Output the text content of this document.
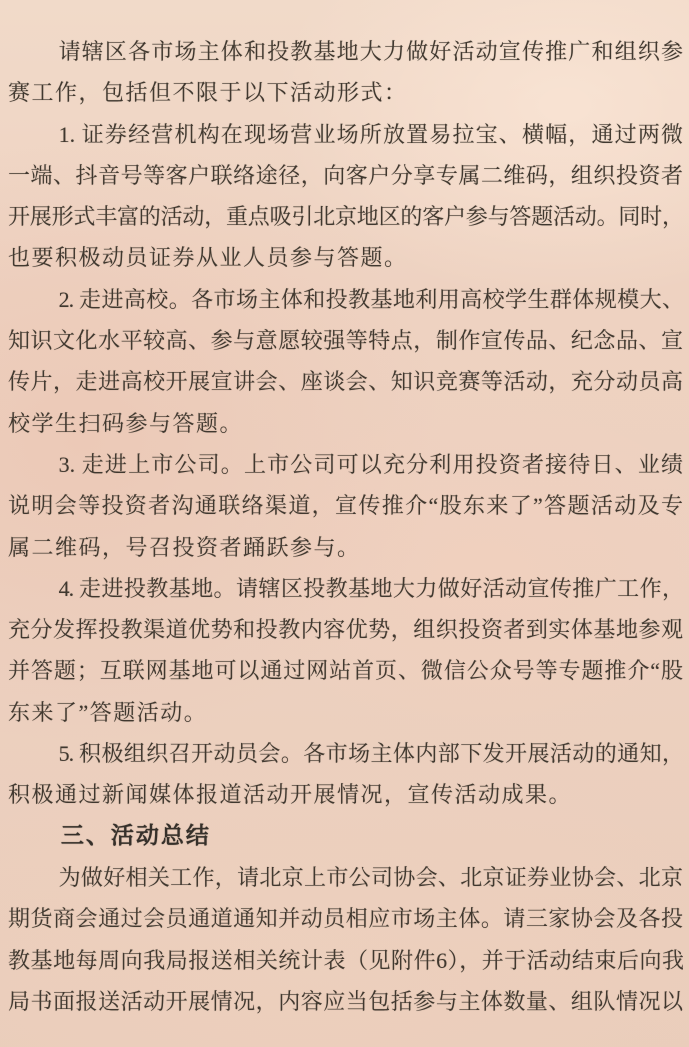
请辖区各市场主体和投教基地大力做好活动宣传推广和组织参
赛工作，包括但不限于以下活动形式：
1. 证券经营机构在现场营业场所放置易拉宝、横幅，通过两微
一端、抖音号等客户联络途径，向客户分享专属二维码，组织投资者
开展形式丰富的活动，重点吸引北京地区的客户参与答题活动。同时，
也要积极动员证券从业人员参与答题。
2. 走进高校。各市场主体和投教基地利用高校学生群体规模大、
知识文化水平较高、参与意愿较强等特点，制作宣传品、纪念品、宣
传片，走进高校开展宣讲会、座谈会、知识竞赛等活动，充分动员高
校学生扫码参与答题。
3. 走进上市公司。上市公司可以充分利用投资者接待日、业绩
说明会等投资者沟通联络渠道，宣传推介“股东来了”答题活动及专
属二维码，号召投资者踊跃参与。
4. 走进投教基地。请辖区投教基地大力做好活动宣传推广工作，
充分发挥投教渠道优势和投教内容优势，组织投资者到实体基地参观
并答题；互联网基地可以通过网站首页、微信公众号等专题推介“股
东来了”答题活动。
5. 积极组织召开动员会。各市场主体内部下发开展活动的通知，
积极通过新闻媒体报道活动开展情况，宣传活动成果。
三、活动总结
为做好相关工作，请北京上市公司协会、北京证券业协会、北京
期货商会通过会员通道通知并动员相应市场主体。请三家协会及各投
教基地每周向我局报送相关统计表（见附件6），并于活动结束后向我
局书面报送活动开展情况，内容应当包括参与主体数量、组队情况以
